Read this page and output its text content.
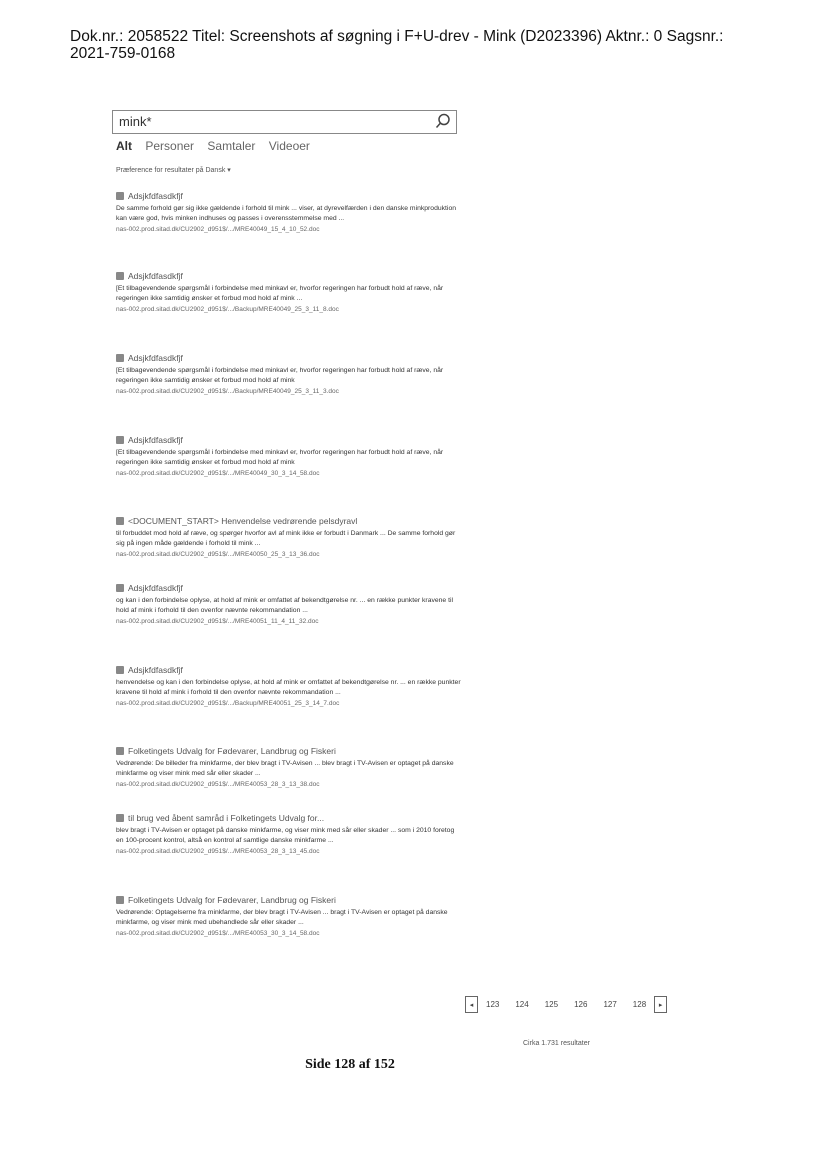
Dok.nr.: 2058522 Titel: Screenshots af søgning i F+U-drev - Mink (D2023396) Aktnr.: 0 Sagsnr.:
2021-759-0168
mink*
Alt Personer Samtaler Videoer
Præference for resultater på Dansk ▾
Adsjkfdfasdkfjf
De samme forhold gør sig ikke gældende i forhold til mink ... viser, at dyrevelfærden i den danske minkproduktion kan være god, hvis minken indhuses og passes i overensstemmelse med ...
nas-002.prod.sitad.dk/CU2902_d951$/.../MRE40049_15_4_10_52.doc
Adsjkfdfasdkfjf
[Et tilbagevendende spørgsmål i forbindelse med minkavl er, hvorfor regeringen har forbudt hold af ræve, når regeringen ikke samtidig ønsker et forbud mod hold af mink ...
nas-002.prod.sitad.dk/CU2902_d951$/.../Backup/MRE40049_25_3_11_8.doc
Adsjkfdfasdkfjf
[Et tilbagevendende spørgsmål i forbindelse med minkavl er, hvorfor regeringen har forbudt hold af ræve, når regeringen ikke samtidig ønsker et forbud mod hold af mink
nas-002.prod.sitad.dk/CU2902_d951$/.../Backup/MRE40049_25_3_11_3.doc
Adsjkfdfasdkfjf
[Et tilbagevendende spørgsmål i forbindelse med minkavl er, hvorfor regeringen har forbudt hold af ræve, når regeringen ikke samtidig ønsker et forbud mod hold af mink
nas-002.prod.sitad.dk/CU2902_d951$/.../MRE40049_30_3_14_58.doc
<DOCUMENT_START> Henvendelse vedrørende pelsdyravl
til forbuddet mod hold af ræve, og spørger hvorfor avl af mink ikke er forbudt i Danmark ... De samme forhold gør sig på ingen måde gældende i forhold til mink ...
nas-002.prod.sitad.dk/CU2902_d951$/.../MRE40050_25_3_13_36.doc
Adsjkfdfasdkfjf
og kan i den forbindelse oplyse, at hold af mink er omfattet af bekendtgørelse nr. ... en række punkter kravene til hold af mink i forhold til den ovenfor nævnte rekommandation ...
nas-002.prod.sitad.dk/CU2902_d951$/.../MRE40051_11_4_11_32.doc
Adsjkfdfasdkfjf
henvendelse og kan i den forbindelse oplyse, at hold af mink er omfattet af bekendtgørelse nr. ... en række punkter kravene til hold af mink i forhold til den ovenfor nævnte rekommandation ...
nas-002.prod.sitad.dk/CU2902_d951$/.../Backup/MRE40051_25_3_14_7.doc
Folketingets Udvalg for Fødevarer, Landbrug og Fiskeri
Vedrørende: De billeder fra minkfarme, der blev bragt i TV-Avisen ... blev bragt i TV-Avisen er optaget på danske minkfarme og viser mink med sår eller skader ...
nas-002.prod.sitad.dk/CU2902_d951$/.../MRE40053_28_3_13_38.doc
til brug ved åbent samråd i Folketingets Udvalg for...
blev bragt i TV-Avisen er optaget på danske minkfarme, og viser mink med sår eller skader ... som i 2010 foretog en 100-procent kontrol, altså en kontrol af samtlige danske minkfarme ...
nas-002.prod.sitad.dk/CU2902_d951$/.../MRE40053_28_3_13_45.doc
Folketingets Udvalg for Fødevarer, Landbrug og Fiskeri
Vedrørende: Optagelserne fra minkfarme, der blev bragt i TV-Avisen ... bragt i TV-Avisen er optaget på danske minkfarme, og viser mink med ubehandlede sår eller skader ...
nas-002.prod.sitad.dk/CU2902_d951$/.../MRE40053_30_3_14_58.doc
◂	123 124 125 126 127 128	▸
Cirka 1.731 resultater
Side 128 af 152
